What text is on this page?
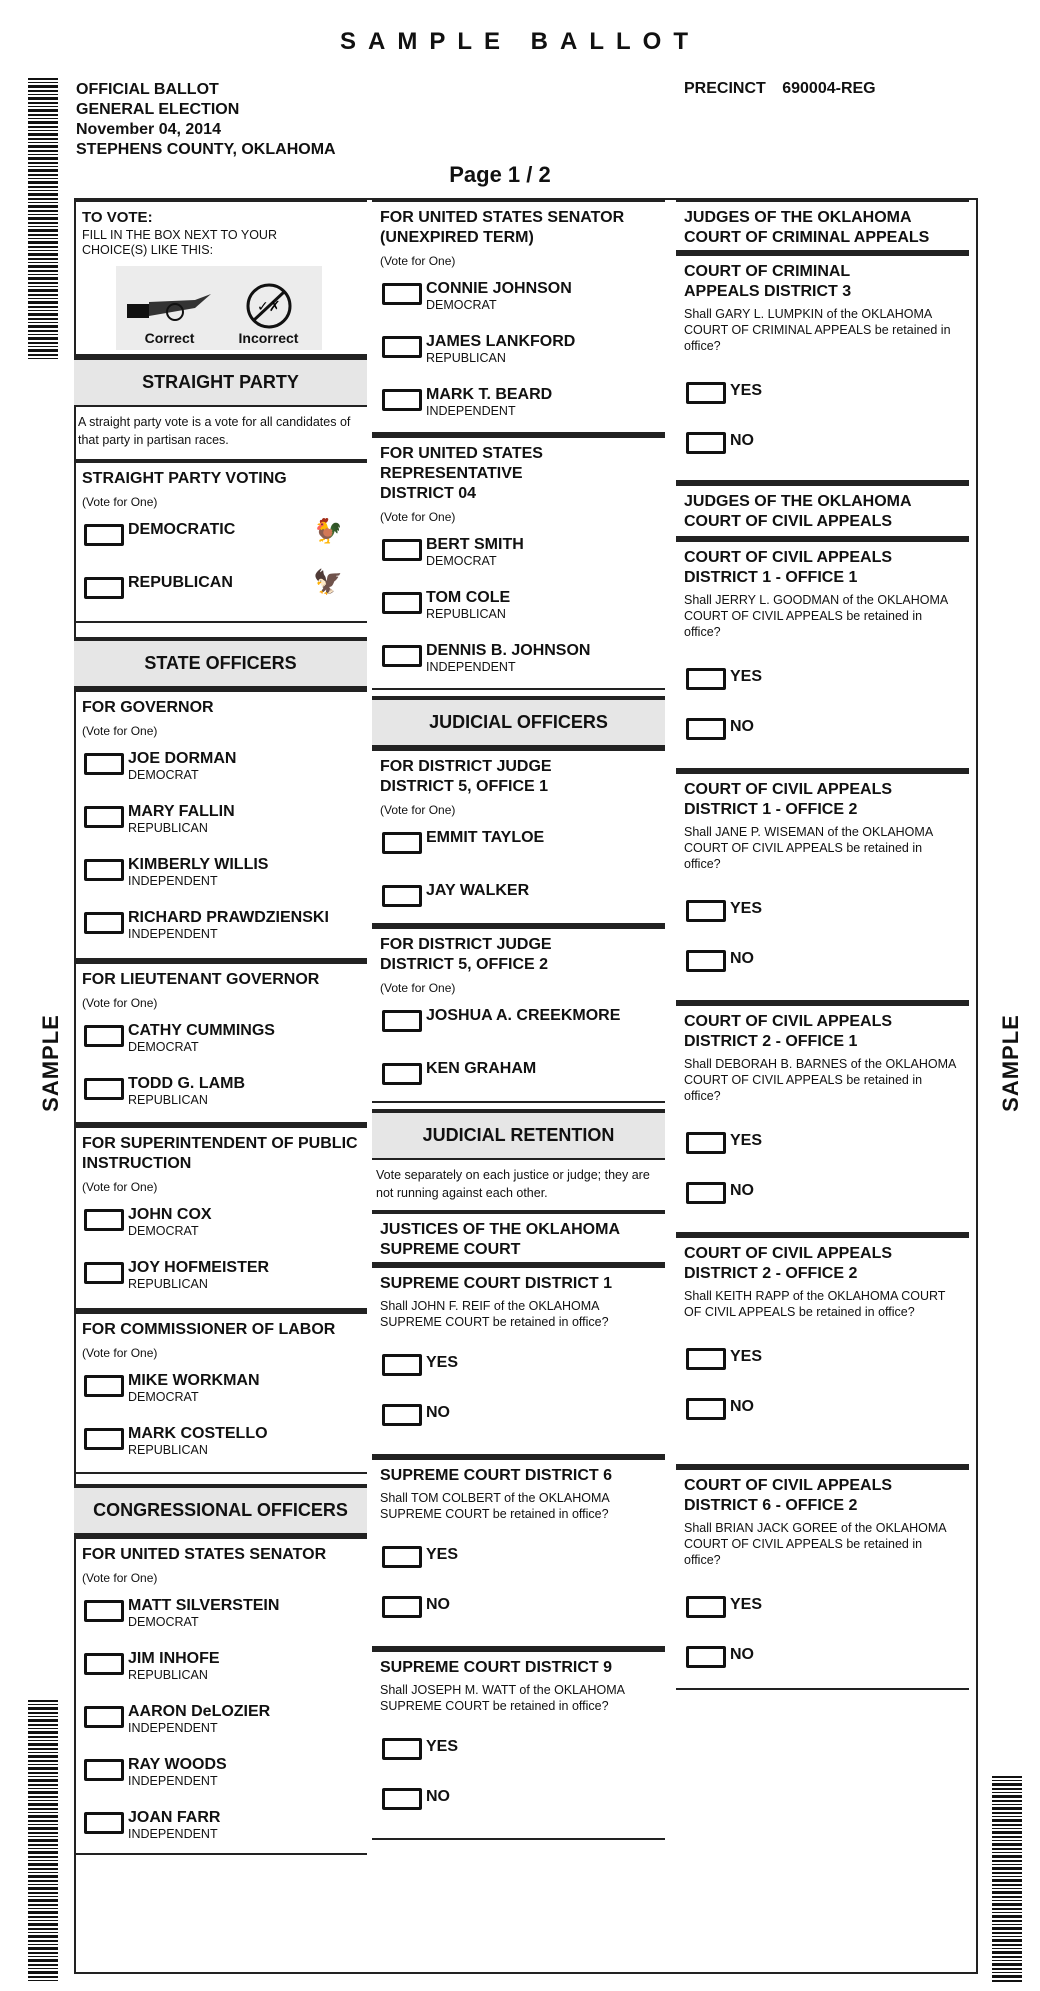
SAMPLE BALLOT
OFFICIAL BALLOT
GENERAL ELECTION
November 04, 2014
STEPHENS COUNTY, OKLAHOMA
PRECINCT 690004-REG
Page 1 / 2
SAMPLE	SAMPLE
TO VOTE:
FILL IN THE BOX NEXT TO YOUR CHOICE(S) LIKE THIS:
Correct
✓✗
Incorrect
STRAIGHT PARTY
A straight party vote is a vote for all candidates of that party in partisan races.
STRAIGHT PARTY VOTING
(Vote for One)
DEMOCRATIC	🐓
REPUBLICAN	🦅
STATE OFFICERS
FOR GOVERNOR
(Vote for One)
JOE DORMAN
DEMOCRAT
MARY FALLIN
REPUBLICAN
KIMBERLY WILLIS
INDEPENDENT
RICHARD PRAWDZIENSKI
INDEPENDENT
FOR LIEUTENANT GOVERNOR
(Vote for One)
CATHY CUMMINGS
DEMOCRAT
TODD G. LAMB
REPUBLICAN
FOR SUPERINTENDENT OF PUBLIC INSTRUCTION
(Vote for One)
JOHN COX
DEMOCRAT
JOY HOFMEISTER
REPUBLICAN
FOR COMMISSIONER OF LABOR
(Vote for One)
MIKE WORKMAN
DEMOCRAT
MARK COSTELLO
REPUBLICAN
CONGRESSIONAL OFFICERS
FOR UNITED STATES SENATOR
(Vote for One)
MATT SILVERSTEIN
DEMOCRAT
JIM INHOFE
REPUBLICAN
AARON DeLOZIER
INDEPENDENT
RAY WOODS
INDEPENDENT
JOAN FARR
INDEPENDENT
FOR UNITED STATES SENATOR (UNEXPIRED TERM)
(Vote for One)
CONNIE JOHNSON
DEMOCRAT
JAMES LANKFORD
REPUBLICAN
MARK T. BEARD
INDEPENDENT
FOR UNITED STATES REPRESENTATIVE DISTRICT 04
(Vote for One)
BERT SMITH
DEMOCRAT
TOM COLE
REPUBLICAN
DENNIS B. JOHNSON
INDEPENDENT
JUDICIAL OFFICERS
FOR DISTRICT JUDGE DISTRICT 5, OFFICE 1
(Vote for One)
EMMIT TAYLOE
JAY WALKER
FOR DISTRICT JUDGE DISTRICT 5, OFFICE 2
(Vote for One)
JOSHUA A. CREEKMORE
KEN GRAHAM
JUDICIAL RETENTION
Vote separately on each justice or judge; they are not running against each other.
JUSTICES OF THE OKLAHOMA SUPREME COURT
SUPREME COURT DISTRICT 1
Shall JOHN F. REIF of the OKLAHOMA SUPREME COURT be retained in office?
YES
NO
SUPREME COURT DISTRICT 6
Shall TOM COLBERT of the OKLAHOMA SUPREME COURT be retained in office?
YES
NO
SUPREME COURT DISTRICT 9
Shall JOSEPH M. WATT of the OKLAHOMA SUPREME COURT be retained in office?
YES
NO
JUDGES OF THE OKLAHOMA COURT OF CRIMINAL APPEALS
COURT OF CRIMINAL APPEALS DISTRICT 3
Shall GARY L. LUMPKIN of the OKLAHOMA COURT OF CRIMINAL APPEALS be retained in office?
YES
NO
JUDGES OF THE OKLAHOMA COURT OF CIVIL APPEALS
COURT OF CIVIL APPEALS DISTRICT 1 - OFFICE 1
Shall JERRY L. GOODMAN of the OKLAHOMA COURT OF CIVIL APPEALS be retained in office?
YES
NO
COURT OF CIVIL APPEALS DISTRICT 1 - OFFICE 2
Shall JANE P. WISEMAN of the OKLAHOMA COURT OF CIVIL APPEALS be retained in office?
YES
NO
COURT OF CIVIL APPEALS DISTRICT 2 - OFFICE 1
Shall DEBORAH B. BARNES of the OKLAHOMA COURT OF CIVIL APPEALS be retained in office?
YES
NO
COURT OF CIVIL APPEALS DISTRICT 2 - OFFICE 2
Shall KEITH RAPP of the OKLAHOMA COURT OF CIVIL APPEALS be retained in office?
YES
NO
COURT OF CIVIL APPEALS DISTRICT 6 - OFFICE 2
Shall BRIAN JACK GOREE of the OKLAHOMA COURT OF CIVIL APPEALS be retained in office?
YES
NO
